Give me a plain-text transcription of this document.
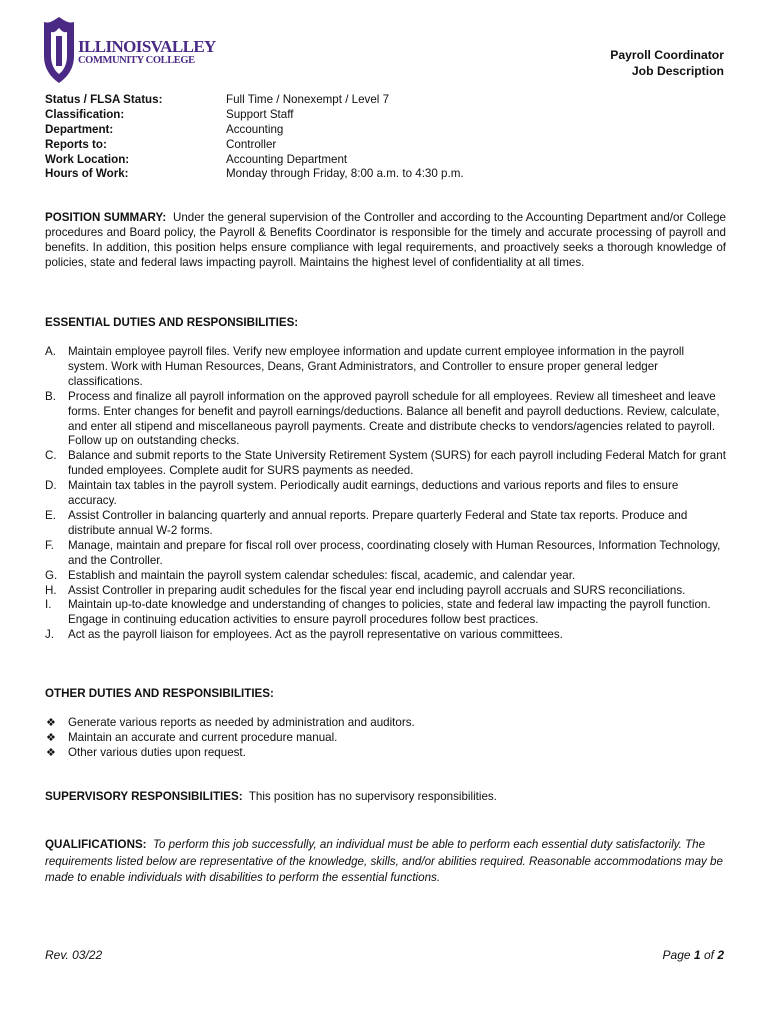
ILLINOISVALLEY
COMMUNITY COLLEGE	Payroll Coordinator
Job Description
Status / FLSA Status:	Full Time / Nonexempt / Level 7
Classification:	Support Staff
Department:	Accounting
Reports to:	Controller
Work Location:	Accounting Department
Hours of Work:	Monday through Friday, 8:00 a.m. to 4:30 p.m.
POSITION SUMMARY: Under the general supervision of the Controller and according to the Accounting Department and/or College procedures and Board policy, the Payroll & Benefits Coordinator is responsible for the timely and accurate processing of payroll and benefits. In addition, this position helps ensure compliance with legal requirements, and proactively seeks a thorough knowledge of policies, state and federal laws impacting payroll. Maintains the highest level of confidentiality at all times.
ESSENTIAL DUTIES AND RESPONSIBILITIES:
A. Maintain employee payroll files. Verify new employee information and update current employee information in the payroll system. Work with Human Resources, Deans, Grant Administrators, and Controller to ensure proper general ledger classifications.
B. Process and finalize all payroll information on the approved payroll schedule for all employees. Review all timesheet and leave forms. Enter changes for benefit and payroll earnings/deductions. Balance all benefit and payroll deductions. Review, calculate, and enter all stipend and miscellaneous payroll payments. Create and distribute checks to vendors/agencies related to payroll. Follow up on outstanding checks.
C. Balance and submit reports to the State University Retirement System (SURS) for each payroll including Federal Match for grant funded employees. Complete audit for SURS payments as needed.
D. Maintain tax tables in the payroll system. Periodically audit earnings, deductions and various reports and files to ensure accuracy.
E. Assist Controller in balancing quarterly and annual reports. Prepare quarterly Federal and State tax reports. Produce and distribute annual W-2 forms.
F. Manage, maintain and prepare for fiscal roll over process, coordinating closely with Human Resources, Information Technology, and the Controller.
G. Establish and maintain the payroll system calendar schedules: fiscal, academic, and calendar year.
H. Assist Controller in preparing audit schedules for the fiscal year end including payroll accruals and SURS reconciliations.
I. Maintain up-to-date knowledge and understanding of changes to policies, state and federal law impacting the payroll function. Engage in continuing education activities to ensure payroll procedures follow best practices.
J. Act as the payroll liaison for employees. Act as the payroll representative on various committees.
OTHER DUTIES AND RESPONSIBILITIES:
❖ Generate various reports as needed by administration and auditors.
❖ Maintain an accurate and current procedure manual.
❖ Other various duties upon request.
SUPERVISORY RESPONSIBILITIES: This position has no supervisory responsibilities.
QUALIFICATIONS: To perform this job successfully, an individual must be able to perform each essential duty satisfactorily. The requirements listed below are representative of the knowledge, skills, and/or abilities required. Reasonable accommodations may be made to enable individuals with disabilities to perform the essential functions.
Rev. 03/22	Page 1 of 2
